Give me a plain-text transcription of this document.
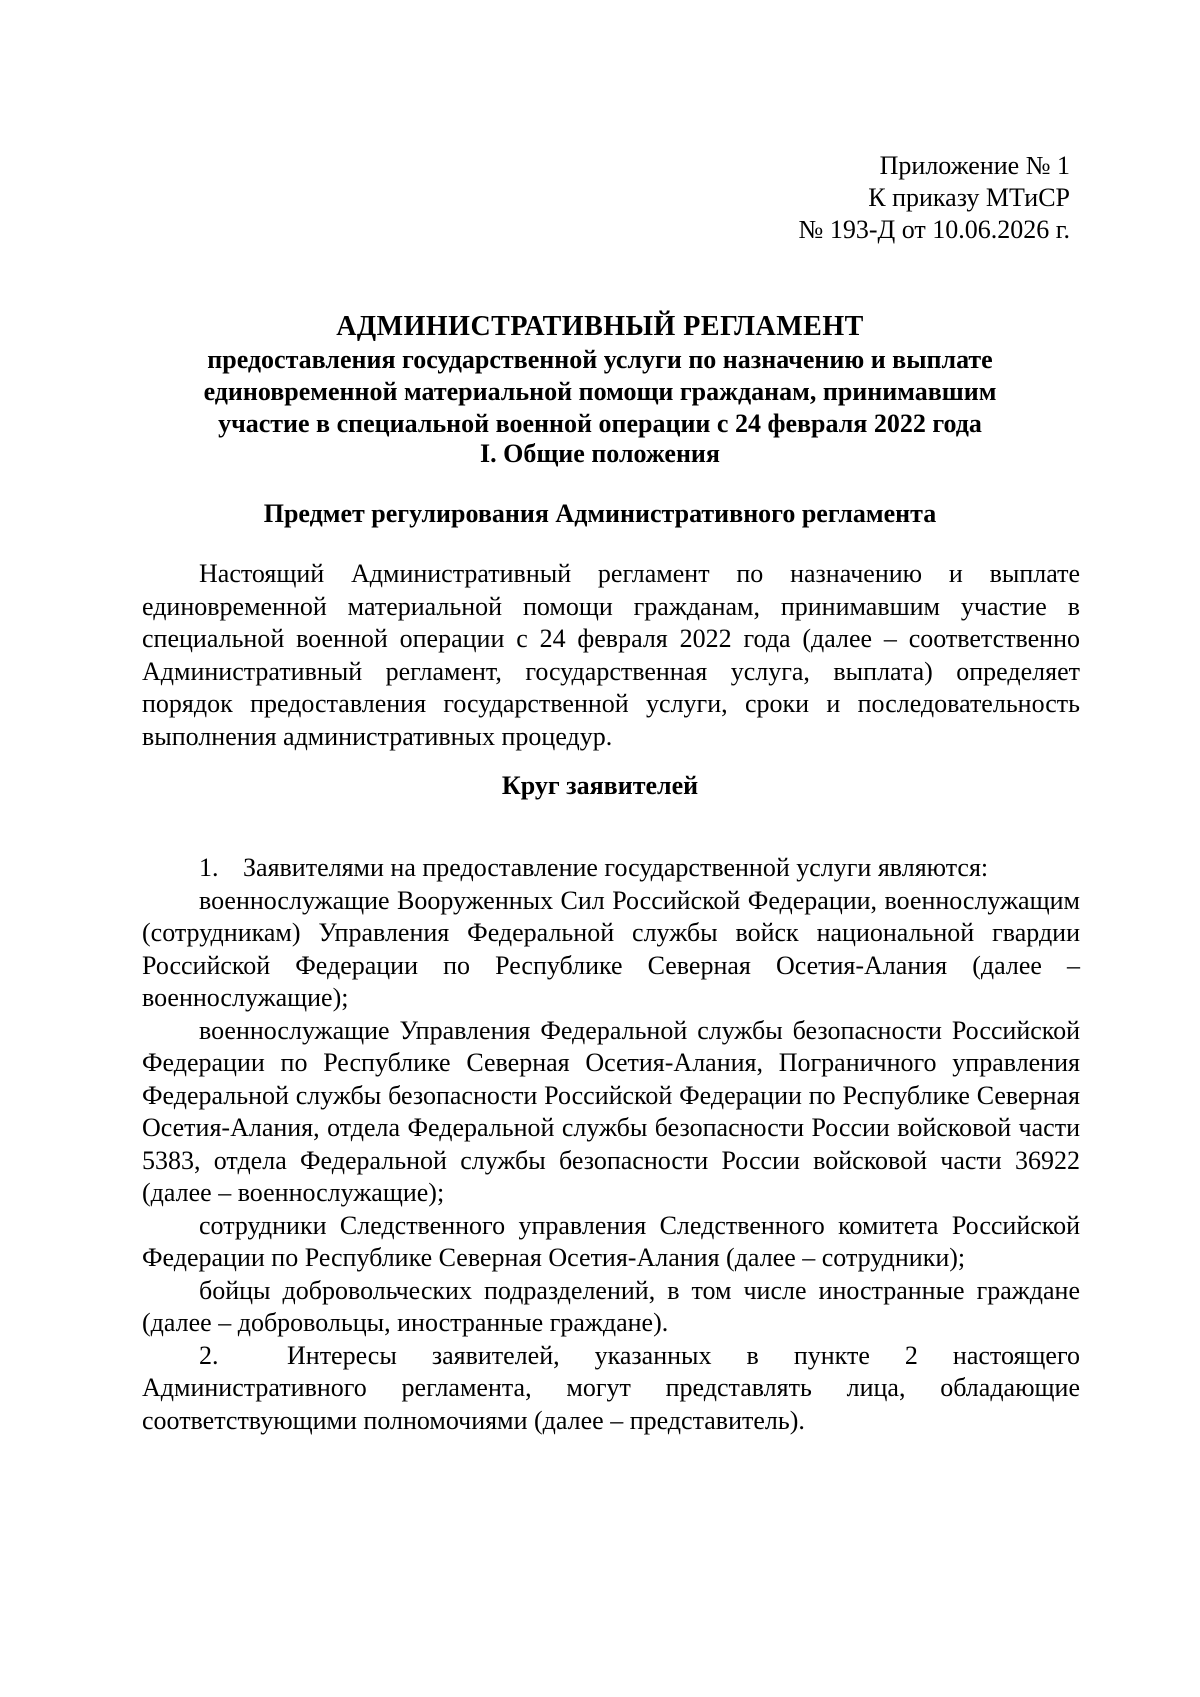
Приложение № 1
К приказу МТиСР
№ 193-Д от 10.06.2026 г.
АДМИНИСТРАТИВНЫЙ РЕГЛАМЕНТ
предоставления государственной услуги по назначению и выплате единовременной материальной помощи гражданам, принимавшим участие в специальной военной операции с 24 февраля 2022 года
I. Общие положения
Предмет регулирования Административного регламента

Настоящий Административный регламент по назначению и выплате единовременной материальной помощи гражданам, принимавшим участие в специальной военной операции с 24 февраля 2022 года (далее – соответственно Административный регламент, государственная услуга, выплата) определяет порядок предоставления государственной услуги, сроки и последовательность выполнения административных процедур.

Круг заявителей

1. Заявителями на предоставление государственной услуги являются:

военнослужащие Вооруженных Сил Российской Федерации, военнослужащим (сотрудникам) Управления Федеральной службы войск национальной гвардии Российской Федерации по Республике Северная Осетия-Алания (далее – военнослужащие);

военнослужащие Управления Федеральной службы безопасности Российской Федерации по Республике Северная Осетия-Алания, Пограничного управления Федеральной службы безопасности Российской Федерации по Республике Северная Осетия-Алания, отдела Федеральной службы безопасности России войсковой части 5383, отдела Федеральной службы безопасности России войсковой части 36922 (далее – военнослужащие);

сотрудники Следственного управления Следственного комитета Российской Федерации по Республике Северная Осетия-Алания (далее – сотрудники);

бойцы добровольческих подразделений, в том числе иностранные граждане (далее – добровольцы, иностранные граждане).

2.	Интересы заявителей, указанных в пункте 2 настоящего Административного регламента, могут представлять лица, обладающие соответствующими полномочиями (далее – представитель).
